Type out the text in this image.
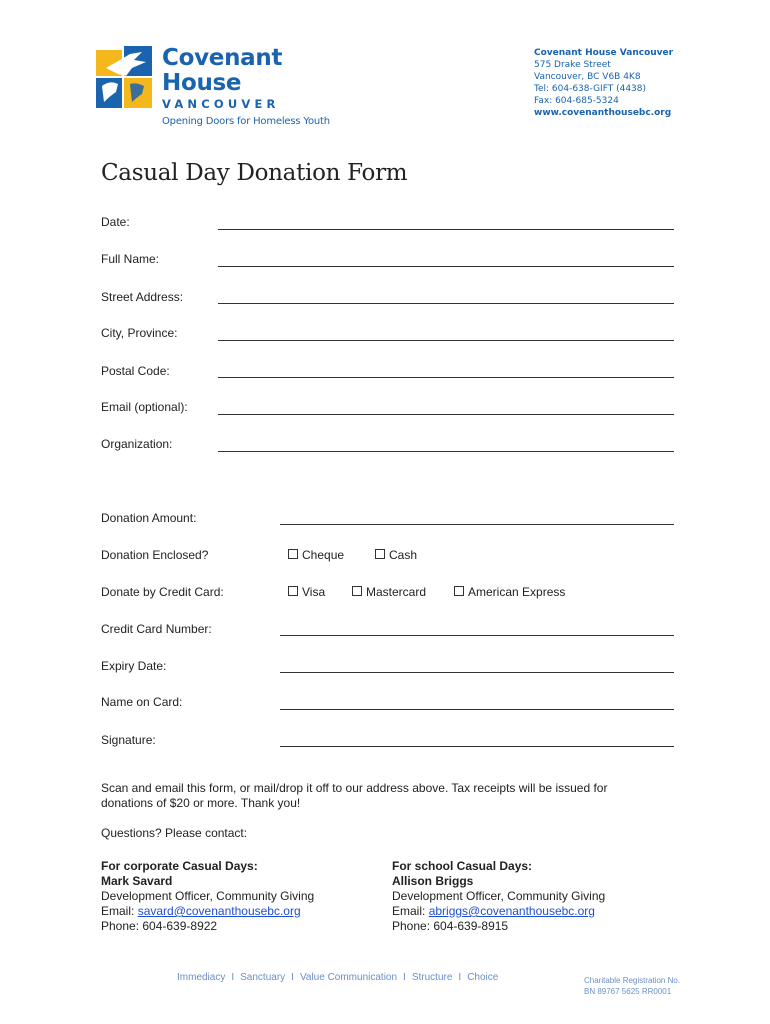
Covenant
House
VANCOUVER
Opening Doors for Homeless Youth
Covenant House Vancouver
575 Drake Street
Vancouver, BC V6B 4K8
Tel: 604-638-GIFT (4438)
Fax: 604-685-5324
www.covenanthousebc.org
Casual Day Donation Form
Date:
Full Name:
Street Address:
City, Province:
Postal Code:
Email (optional):
Organization:
Donation Amount:
Donation Enclosed?	Cheque	Cash
Donate by Credit Card:	Visa	Mastercard	American Express
Credit Card Number:
Expiry Date:
Name on Card:
Signature:
Scan and email this form, or mail/drop it off to our address above. Tax receipts will be issued for donations of $20 or more. Thank you!
Questions? Please contact:
For corporate Casual Days:
Mark Savard
Development Officer, Community Giving
Email: savard@covenanthousebc.org
Phone: 604-639-8922
For school Casual Days:
Allison Briggs
Development Officer, Community Giving
Email: abriggs@covenanthousebc.org
Phone: 604-639-8915
Immediacy I Sanctuary I Value Communication I Structure I Choice	Charitable Registration No.
BN 89767 5625 RR0001
